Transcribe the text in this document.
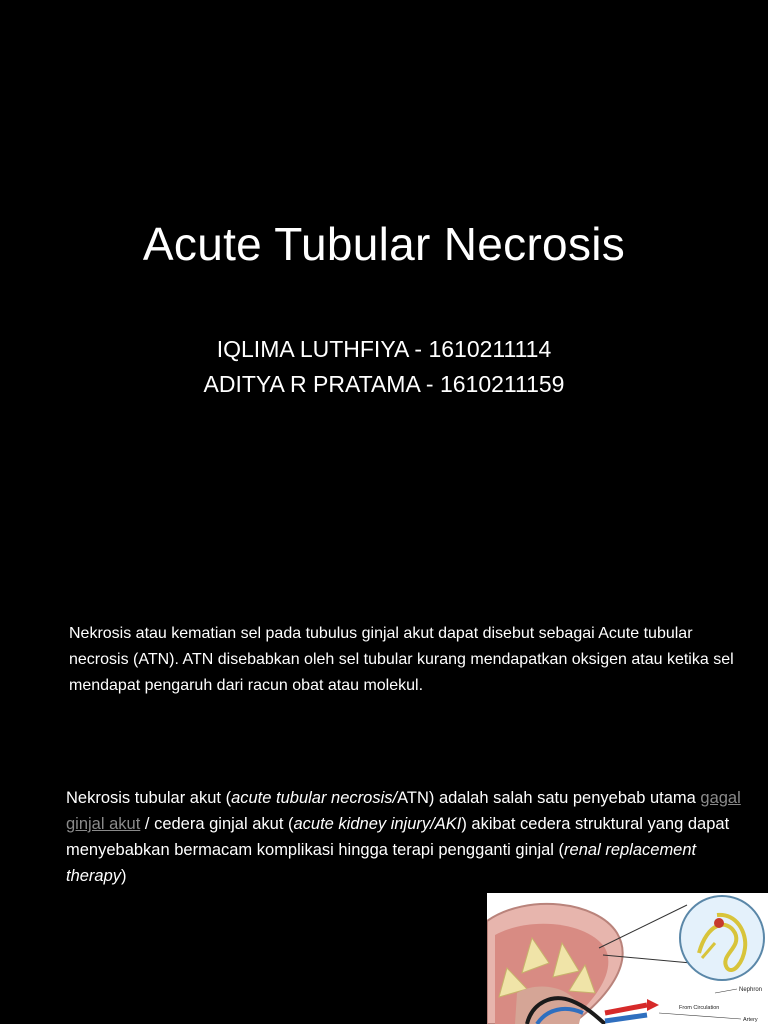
Acute Tubular Necrosis
IQLIMA LUTHFIYA - 1610211114
ADITYA R PRATAMA - 1610211159
Nekrosis atau kematian sel pada tubulus ginjal akut dapat disebut sebagai Acute tubular necrosis (ATN). ATN disebabkan oleh sel tubular kurang mendapatkan oksigen atau ketika sel mendapat pengaruh dari racun obat atau molekul.
Nekrosis tubular akut (acute tubular necrosis/ATN) adalah salah satu penyebab utama gagal ginjal akut / cedera ginjal akut (acute kidney injury/AKI) akibat cedera struktural yang dapat menyebabkan bermacam komplikasi hingga terapi pengganti ginjal (renal replacement therapy)
Nephron
From Circulation
Artery
